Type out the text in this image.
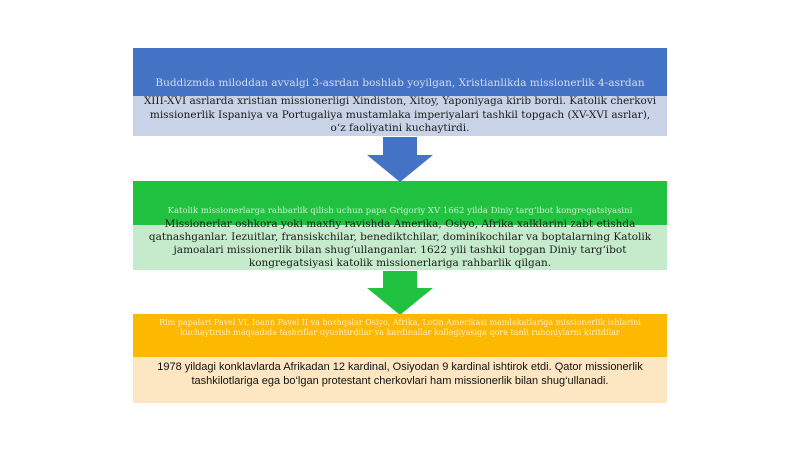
Buddizmda miloddan avvalgi 3-asrdan boshlab yoyilgan, Xristianlikda missionerlik 4-asrdan
XIII-XVI asrlarda xristian missionerligi Xindiston, Xitoy, Yaponiyaga kirib bordi. Katolik cherkovi missionerlik Ispaniya va Portugaliya mustamlaka imperiyalari tashkil topgach (XV-XVI asrlar), o‘z faoliyatini kuchaytirdi.
Katolik missionerlarga rahbarlik qilish uchun papa Grigoriy XV 1662 yilda Diniy targ‘ibot kongregatsiyasini
Missionerlar oshkora yoki maxfiy ravishda Amerika, Osiyo, Afrika xalklarini zabt etishda qatnashganlar. Iezuitlar, fransiskchilar, benediktchilar, dominikochilar va boptalarning Katolik jamoalari missionerlik bilan shug‘ullanganlar. 1622 yili tashkil topgan Diniy targ‘ibot kongregatsiyasi katolik missionerlariga rahbarlik qilgan.
Rim papalari Pavel VI, Ioann Pavel II va boshqalar Osiyo, Afrika, Lotin Amerikasi mamlakatlariga missionerlik ishlarini kuchaytirish maqsadida tashriflar uyushtirdilar va kardinallar kollegiyasiga qora tanli ruhoniylarni kiritdilar
1978 yildagi konklavlarda Afrikadan 12 kardinal, Osiyodan 9 kardinal ishtirok etdi. Qator missionerlik tashkilotlariga ega bo‘lgan protestant cherkovlari ham missionerlik bilan shug‘ullanadi.
